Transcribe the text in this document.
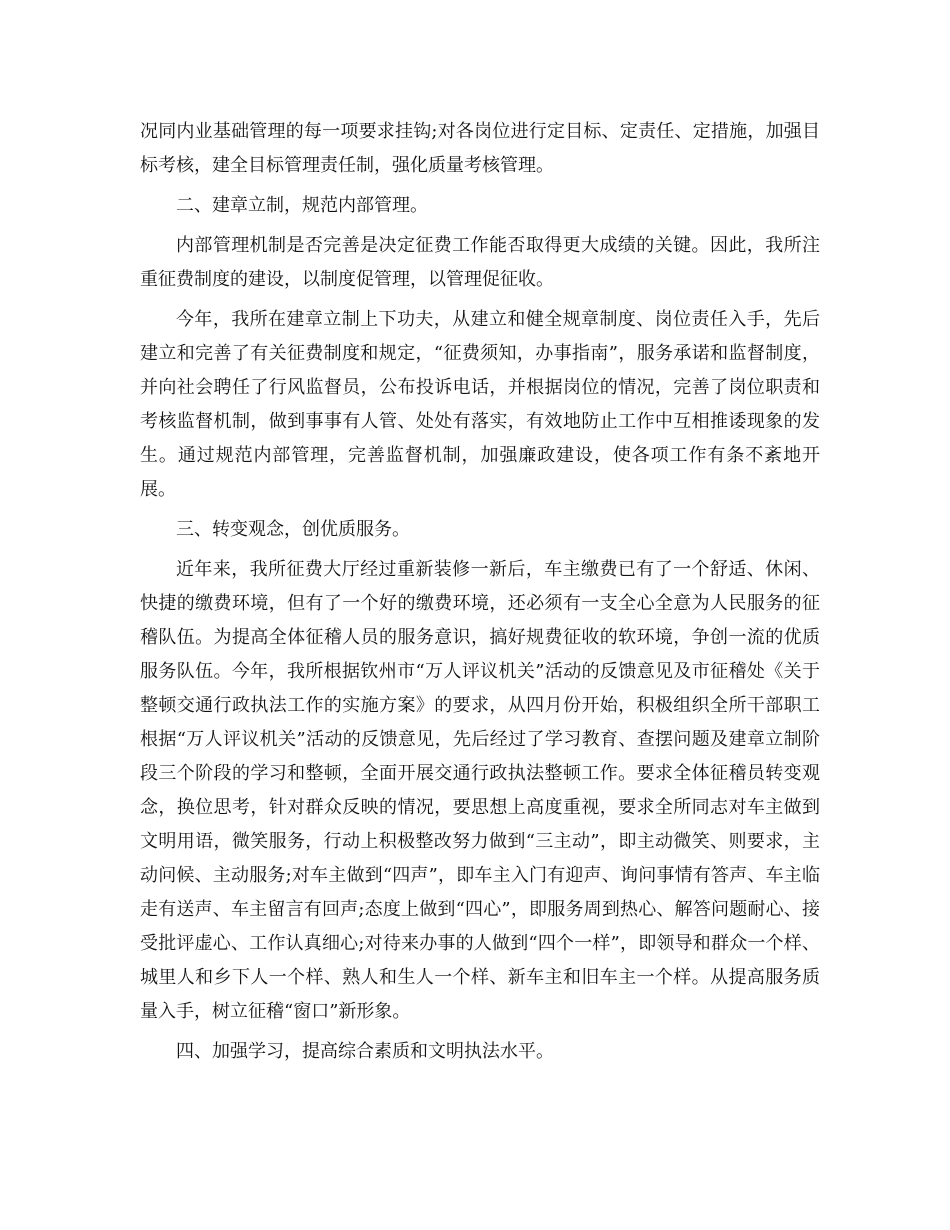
况同内业基础管理的每一项要求挂钩;对各岗位进行定目标、定责任、定措施，加强目标考核，建全目标管理责任制，强化质量考核管理。

二、建章立制，规范内部管理。

内部管理机制是否完善是决定征费工作能否取得更大成绩的关键。因此，我所注重征费制度的建设，以制度促管理，以管理促征收。

今年，我所在建章立制上下功夫，从建立和健全规章制度、岗位责任入手，先后建立和完善了有关征费制度和规定，“征费须知，办事指南”，服务承诺和监督制度，并向社会聘任了行风监督员，公布投诉电话，并根据岗位的情况，完善了岗位职责和考核监督机制，做到事事有人管、处处有落实，有效地防止工作中互相推诿现象的发生。通过规范内部管理，完善监督机制，加强廉政建设，使各项工作有条不紊地开展。

三、转变观念，创优质服务。

近年来，我所征费大厅经过重新装修一新后，车主缴费已有了一个舒适、休闲、快捷的缴费环境，但有了一个好的缴费环境，还必须有一支全心全意为人民服务的征稽队伍。为提高全体征稽人员的服务意识，搞好规费征收的软环境，争创一流的优质服务队伍。今年，我所根据钦州市“万人评议机关”活动的反馈意见及市征稽处《关于整顿交通行政执法工作的实施方案》的要求，从四月份开始，积极组织全所干部职工根据“万人评议机关”活动的反馈意见，先后经过了学习教育、查摆问题及建章立制阶段三个阶段的学习和整顿，全面开展交通行政执法整顿工作。要求全体征稽员转变观念，换位思考，针对群众反映的情况，要思想上高度重视，要求全所同志对车主做到文明用语，微笑服务，行动上积极整改努力做到“三主动”，即主动微笑、则要求，主动问候、主动服务;对车主做到“四声”，即车主入门有迎声、询问事情有答声、车主临走有送声、车主留言有回声;态度上做到“四心”，即服务周到热心、解答问题耐心、接受批评虚心、工作认真细心;对待来办事的人做到“四个一样”，即领导和群众一个样、城里人和乡下人一个样、熟人和生人一个样、新车主和旧车主一个样。从提高服务质量入手，树立征稽“窗口”新形象。

四、加强学习，提高综合素质和文明执法水平。
